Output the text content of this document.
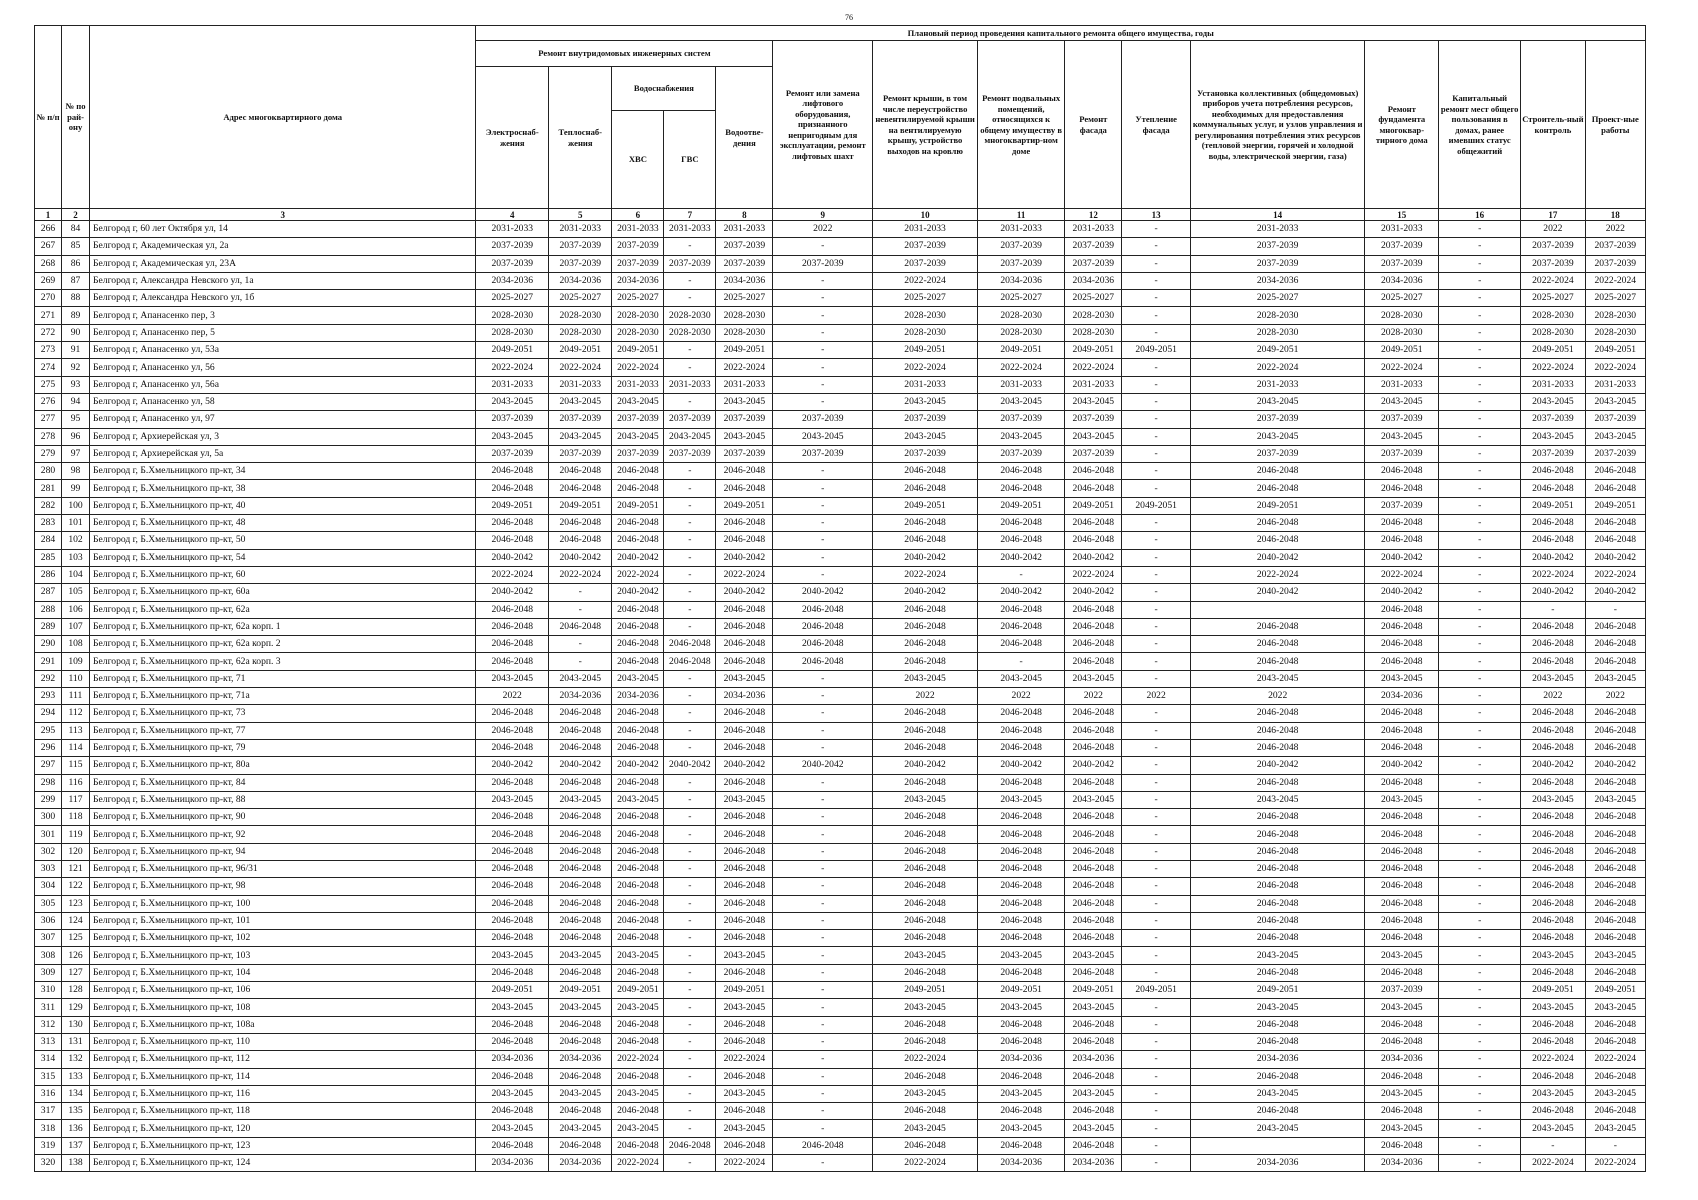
76
№ п/п	№ по рай-ону	Адрес многоквартирного дома	Плановый период проведения капитального ремонта общего имущества, годы														
			Ремонт внутридомовых инженерных систем					Ремонт или замена лифтового оборудования, признанного непригодным для эксплуатации, ремонт лифтовых шахт	Ремонт крыши, в том числе переустройство невентилируемой крыши на вентилируемую крышу, устройство выходов на кровлю	Ремонт подвальных помещений, относящихся к общему имуществу в многоквартир-ном доме	Ремонт фасада	Утепление фасада	Установка коллективных (общедомовых) приборов учета потребления ресурсов, необходимых для предоставления коммунальных услуг, и узлов управления и регулирования потребления этих ресурсов (тепловой энергии, горячей и холодной воды, электрической энергии, газа)	Ремонт фундамента многоквар-тирного дома	Капитальный ремонт мест общего пользования в домах, ранее имевших статус общежитий	Строитель-ный контроль	Проект-ные работы
			Электроснаб-жения	Теплоснаб-жения	Водоснабжения		Водоотве-дения										
					ХВС	ГВС											
1	2	3	4	5	6	7	8	9	10	11	12	13	14	15	16	17	18
266	84	Белгород г, 60 лет Октября ул, 14	2031-2033	2031-2033	2031-2033	2031-2033	2031-2033	2022	2031-2033	2031-2033	2031-2033	-	2031-2033	2031-2033	-	2022	2022
267	85	Белгород г, Академическая ул, 2а	2037-2039	2037-2039	2037-2039	-	2037-2039	-	2037-2039	2037-2039	2037-2039	-	2037-2039	2037-2039	-	2037-2039	2037-2039
268	86	Белгород г, Академическая ул, 23А	2037-2039	2037-2039	2037-2039	2037-2039	2037-2039	2037-2039	2037-2039	2037-2039	2037-2039	-	2037-2039	2037-2039	-	2037-2039	2037-2039
269	87	Белгород г, Александра Невского ул, 1а	2034-2036	2034-2036	2034-2036	-	2034-2036	-	2022-2024	2034-2036	2034-2036	-	2034-2036	2034-2036	-	2022-2024	2022-2024
270	88	Белгород г, Александра Невского ул, 1б	2025-2027	2025-2027	2025-2027	-	2025-2027	-	2025-2027	2025-2027	2025-2027	-	2025-2027	2025-2027	-	2025-2027	2025-2027
271	89	Белгород г, Апанасенко пер, 3	2028-2030	2028-2030	2028-2030	2028-2030	2028-2030	-	2028-2030	2028-2030	2028-2030	-	2028-2030	2028-2030	-	2028-2030	2028-2030
272	90	Белгород г, Апанасенко пер, 5	2028-2030	2028-2030	2028-2030	2028-2030	2028-2030	-	2028-2030	2028-2030	2028-2030	-	2028-2030	2028-2030	-	2028-2030	2028-2030
273	91	Белгород г, Апанасенко ул, 53а	2049-2051	2049-2051	2049-2051	-	2049-2051	-	2049-2051	2049-2051	2049-2051	2049-2051	2049-2051	2049-2051	-	2049-2051	2049-2051
274	92	Белгород г, Апанасенко ул, 56	2022-2024	2022-2024	2022-2024	-	2022-2024	-	2022-2024	2022-2024	2022-2024	-	2022-2024	2022-2024	-	2022-2024	2022-2024
275	93	Белгород г, Апанасенко ул, 56а	2031-2033	2031-2033	2031-2033	2031-2033	2031-2033	-	2031-2033	2031-2033	2031-2033	-	2031-2033	2031-2033	-	2031-2033	2031-2033
276	94	Белгород г, Апанасенко ул, 58	2043-2045	2043-2045	2043-2045	-	2043-2045	-	2043-2045	2043-2045	2043-2045	-	2043-2045	2043-2045	-	2043-2045	2043-2045
277	95	Белгород г, Апанасенко ул, 97	2037-2039	2037-2039	2037-2039	2037-2039	2037-2039	2037-2039	2037-2039	2037-2039	2037-2039	-	2037-2039	2037-2039	-	2037-2039	2037-2039
278	96	Белгород г, Архиерейская ул, 3	2043-2045	2043-2045	2043-2045	2043-2045	2043-2045	2043-2045	2043-2045	2043-2045	2043-2045	-	2043-2045	2043-2045	-	2043-2045	2043-2045
279	97	Белгород г, Архиерейская ул, 5а	2037-2039	2037-2039	2037-2039	2037-2039	2037-2039	2037-2039	2037-2039	2037-2039	2037-2039	-	2037-2039	2037-2039	-	2037-2039	2037-2039
280	98	Белгород г, Б.Хмельницкого пр-кт, 34	2046-2048	2046-2048	2046-2048	-	2046-2048	-	2046-2048	2046-2048	2046-2048	-	2046-2048	2046-2048	-	2046-2048	2046-2048
281	99	Белгород г, Б.Хмельницкого пр-кт, 38	2046-2048	2046-2048	2046-2048	-	2046-2048	-	2046-2048	2046-2048	2046-2048	-	2046-2048	2046-2048	-	2046-2048	2046-2048
282	100	Белгород г, Б.Хмельницкого пр-кт, 40	2049-2051	2049-2051	2049-2051	-	2049-2051	-	2049-2051	2049-2051	2049-2051	2049-2051	2049-2051	2037-2039	-	2049-2051	2049-2051
283	101	Белгород г, Б.Хмельницкого пр-кт, 48	2046-2048	2046-2048	2046-2048	-	2046-2048	-	2046-2048	2046-2048	2046-2048	-	2046-2048	2046-2048	-	2046-2048	2046-2048
284	102	Белгород г, Б.Хмельницкого пр-кт, 50	2046-2048	2046-2048	2046-2048	-	2046-2048	-	2046-2048	2046-2048	2046-2048	-	2046-2048	2046-2048	-	2046-2048	2046-2048
285	103	Белгород г, Б.Хмельницкого пр-кт, 54	2040-2042	2040-2042	2040-2042	-	2040-2042	-	2040-2042	2040-2042	2040-2042	-	2040-2042	2040-2042	-	2040-2042	2040-2042
286	104	Белгород г, Б.Хмельницкого пр-кт, 60	2022-2024	2022-2024	2022-2024	-	2022-2024	-	2022-2024	-	2022-2024	-	2022-2024	2022-2024	-	2022-2024	2022-2024
287	105	Белгород г, Б.Хмельницкого пр-кт, 60а	2040-2042	-	2040-2042	-	2040-2042	2040-2042	2040-2042	2040-2042	2040-2042	-	2040-2042	2040-2042	-	2040-2042	2040-2042
288	106	Белгород г, Б.Хмельницкого пр-кт, 62а	2046-2048	-	2046-2048	-	2046-2048	2046-2048	2046-2048	2046-2048	2046-2048	-		2046-2048	-	-	-
289	107	Белгород г, Б.Хмельницкого пр-кт, 62а корп. 1	2046-2048	2046-2048	2046-2048	-	2046-2048	2046-2048	2046-2048	2046-2048	2046-2048	-	2046-2048	2046-2048	-	2046-2048	2046-2048
290	108	Белгород г, Б.Хмельницкого пр-кт, 62а корп. 2	2046-2048	-	2046-2048	2046-2048	2046-2048	2046-2048	2046-2048	2046-2048	2046-2048	-	2046-2048	2046-2048	-	2046-2048	2046-2048
291	109	Белгород г, Б.Хмельницкого пр-кт, 62а корп. 3	2046-2048	-	2046-2048	2046-2048	2046-2048	2046-2048	2046-2048	-	2046-2048	-	2046-2048	2046-2048	-	2046-2048	2046-2048
292	110	Белгород г, Б.Хмельницкого пр-кт, 71	2043-2045	2043-2045	2043-2045	-	2043-2045	-	2043-2045	2043-2045	2043-2045	-	2043-2045	2043-2045	-	2043-2045	2043-2045
293	111	Белгород г, Б.Хмельницкого пр-кт, 71а	2022	2034-2036	2034-2036	-	2034-2036	-	2022	2022	2022	2022	2022	2034-2036	-	2022	2022
294	112	Белгород г, Б.Хмельницкого пр-кт, 73	2046-2048	2046-2048	2046-2048	-	2046-2048	-	2046-2048	2046-2048	2046-2048	-	2046-2048	2046-2048	-	2046-2048	2046-2048
295	113	Белгород г, Б.Хмельницкого пр-кт, 77	2046-2048	2046-2048	2046-2048	-	2046-2048	-	2046-2048	2046-2048	2046-2048	-	2046-2048	2046-2048	-	2046-2048	2046-2048
296	114	Белгород г, Б.Хмельницкого пр-кт, 79	2046-2048	2046-2048	2046-2048	-	2046-2048	-	2046-2048	2046-2048	2046-2048	-	2046-2048	2046-2048	-	2046-2048	2046-2048
297	115	Белгород г, Б.Хмельницкого пр-кт, 80а	2040-2042	2040-2042	2040-2042	2040-2042	2040-2042	2040-2042	2040-2042	2040-2042	2040-2042	-	2040-2042	2040-2042	-	2040-2042	2040-2042
298	116	Белгород г, Б.Хмельницкого пр-кт, 84	2046-2048	2046-2048	2046-2048	-	2046-2048	-	2046-2048	2046-2048	2046-2048	-	2046-2048	2046-2048	-	2046-2048	2046-2048
299	117	Белгород г, Б.Хмельницкого пр-кт, 88	2043-2045	2043-2045	2043-2045	-	2043-2045	-	2043-2045	2043-2045	2043-2045	-	2043-2045	2043-2045	-	2043-2045	2043-2045
300	118	Белгород г, Б.Хмельницкого пр-кт, 90	2046-2048	2046-2048	2046-2048	-	2046-2048	-	2046-2048	2046-2048	2046-2048	-	2046-2048	2046-2048	-	2046-2048	2046-2048
301	119	Белгород г, Б.Хмельницкого пр-кт, 92	2046-2048	2046-2048	2046-2048	-	2046-2048	-	2046-2048	2046-2048	2046-2048	-	2046-2048	2046-2048	-	2046-2048	2046-2048
302	120	Белгород г, Б.Хмельницкого пр-кт, 94	2046-2048	2046-2048	2046-2048	-	2046-2048	-	2046-2048	2046-2048	2046-2048	-	2046-2048	2046-2048	-	2046-2048	2046-2048
303	121	Белгород г, Б.Хмельницкого пр-кт, 96/31	2046-2048	2046-2048	2046-2048	-	2046-2048	-	2046-2048	2046-2048	2046-2048	-	2046-2048	2046-2048	-	2046-2048	2046-2048
304	122	Белгород г, Б.Хмельницкого пр-кт, 98	2046-2048	2046-2048	2046-2048	-	2046-2048	-	2046-2048	2046-2048	2046-2048	-	2046-2048	2046-2048	-	2046-2048	2046-2048
305	123	Белгород г, Б.Хмельницкого пр-кт, 100	2046-2048	2046-2048	2046-2048	-	2046-2048	-	2046-2048	2046-2048	2046-2048	-	2046-2048	2046-2048	-	2046-2048	2046-2048
306	124	Белгород г, Б.Хмельницкого пр-кт, 101	2046-2048	2046-2048	2046-2048	-	2046-2048	-	2046-2048	2046-2048	2046-2048	-	2046-2048	2046-2048	-	2046-2048	2046-2048
307	125	Белгород г, Б.Хмельницкого пр-кт, 102	2046-2048	2046-2048	2046-2048	-	2046-2048	-	2046-2048	2046-2048	2046-2048	-	2046-2048	2046-2048	-	2046-2048	2046-2048
308	126	Белгород г, Б.Хмельницкого пр-кт, 103	2043-2045	2043-2045	2043-2045	-	2043-2045	-	2043-2045	2043-2045	2043-2045	-	2043-2045	2043-2045	-	2043-2045	2043-2045
309	127	Белгород г, Б.Хмельницкого пр-кт, 104	2046-2048	2046-2048	2046-2048	-	2046-2048	-	2046-2048	2046-2048	2046-2048	-	2046-2048	2046-2048	-	2046-2048	2046-2048
310	128	Белгород г, Б.Хмельницкого пр-кт, 106	2049-2051	2049-2051	2049-2051	-	2049-2051	-	2049-2051	2049-2051	2049-2051	2049-2051	2049-2051	2037-2039	-	2049-2051	2049-2051
311	129	Белгород г, Б.Хмельницкого пр-кт, 108	2043-2045	2043-2045	2043-2045	-	2043-2045	-	2043-2045	2043-2045	2043-2045	-	2043-2045	2043-2045	-	2043-2045	2043-2045
312	130	Белгород г, Б.Хмельницкого пр-кт, 108а	2046-2048	2046-2048	2046-2048	-	2046-2048	-	2046-2048	2046-2048	2046-2048	-	2046-2048	2046-2048	-	2046-2048	2046-2048
313	131	Белгород г, Б.Хмельницкого пр-кт, 110	2046-2048	2046-2048	2046-2048	-	2046-2048	-	2046-2048	2046-2048	2046-2048	-	2046-2048	2046-2048	-	2046-2048	2046-2048
314	132	Белгород г, Б.Хмельницкого пр-кт, 112	2034-2036	2034-2036	2022-2024	-	2022-2024	-	2022-2024	2034-2036	2034-2036	-	2034-2036	2034-2036	-	2022-2024	2022-2024
315	133	Белгород г, Б.Хмельницкого пр-кт, 114	2046-2048	2046-2048	2046-2048	-	2046-2048	-	2046-2048	2046-2048	2046-2048	-	2046-2048	2046-2048	-	2046-2048	2046-2048
316	134	Белгород г, Б.Хмельницкого пр-кт, 116	2043-2045	2043-2045	2043-2045	-	2043-2045	-	2043-2045	2043-2045	2043-2045	-	2043-2045	2043-2045	-	2043-2045	2043-2045
317	135	Белгород г, Б.Хмельницкого пр-кт, 118	2046-2048	2046-2048	2046-2048	-	2046-2048	-	2046-2048	2046-2048	2046-2048	-	2046-2048	2046-2048	-	2046-2048	2046-2048
318	136	Белгород г, Б.Хмельницкого пр-кт, 120	2043-2045	2043-2045	2043-2045	-	2043-2045	-	2043-2045	2043-2045	2043-2045	-	2043-2045	2043-2045	-	2043-2045	2043-2045
319	137	Белгород г, Б.Хмельницкого пр-кт, 123	2046-2048	2046-2048	2046-2048	2046-2048	2046-2048	2046-2048	2046-2048	2046-2048	2046-2048	-		2046-2048	-	-	-
320	138	Белгород г, Б.Хмельницкого пр-кт, 124	2034-2036	2034-2036	2022-2024	-	2022-2024	-	2022-2024	2034-2036	2034-2036	-	2034-2036	2034-2036	-	2022-2024	2022-2024
